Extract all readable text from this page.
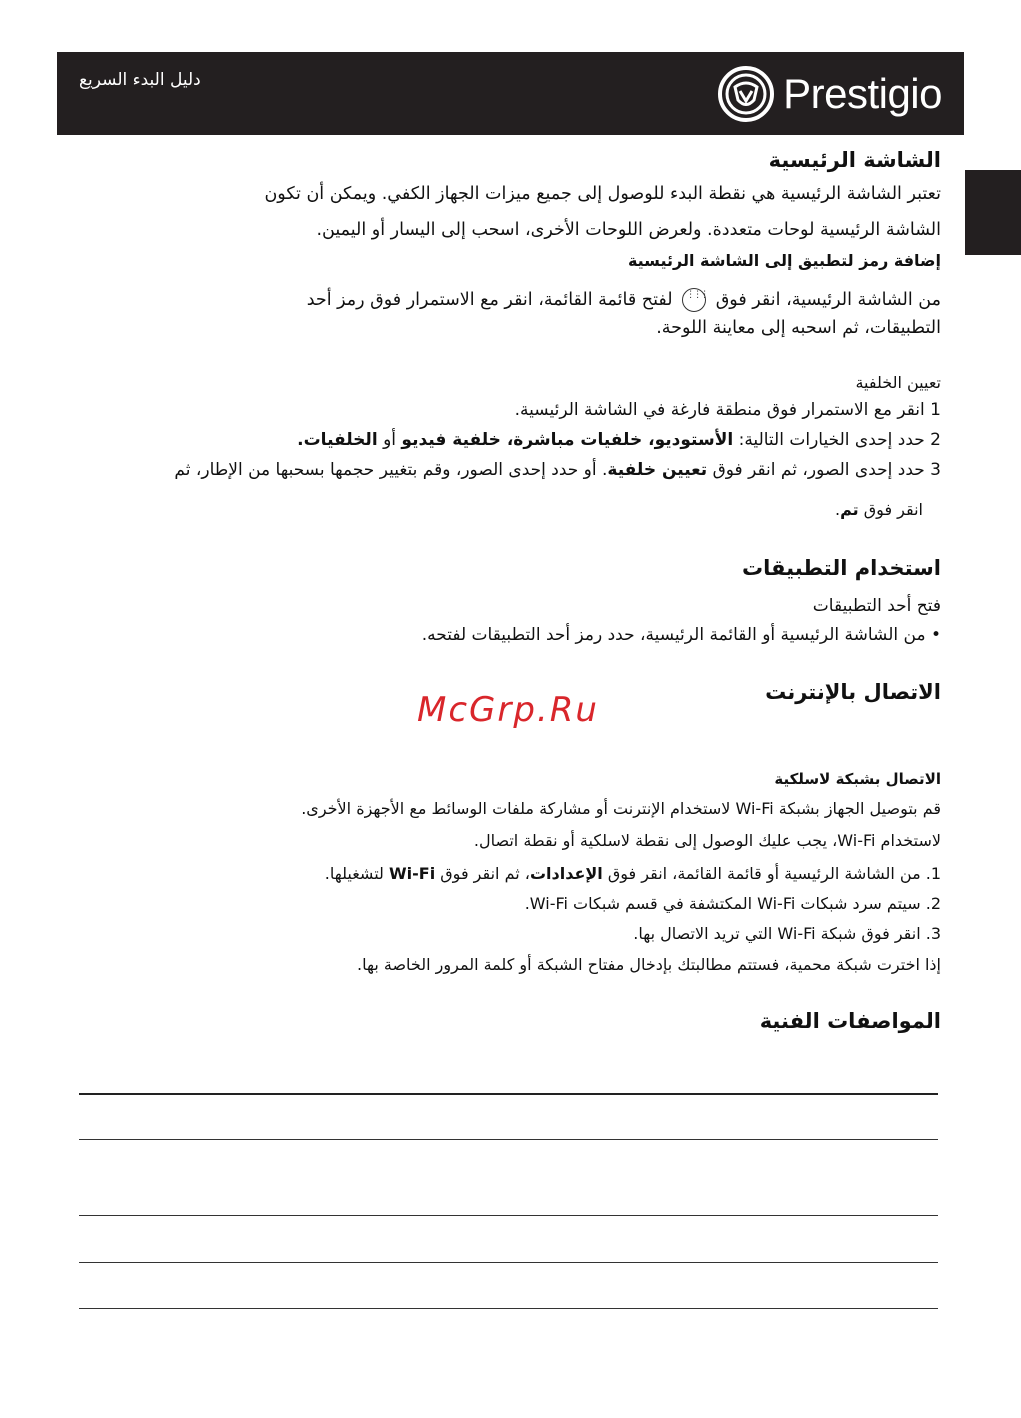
دليل البدء السريع	Prestigio
الشاشة الرئيسية
تعتبر الشاشة الرئيسية هي نقطة البدء للوصول إلى جميع ميزات الجهاز الكفي. ويمكن أن تكون
الشاشة الرئيسية لوحات متعددة. ولعرض اللوحات الأخرى، اسحب إلى اليسار أو اليمين.
إضافة رمز لتطبيق إلى الشاشة الرئيسية
من الشاشة الرئيسية، انقر فوق ⋮⋮⋮ لفتح قائمة القائمة، انقر مع الاستمرار فوق رمز أحد
التطبيقات، ثم اسحبه إلى معاينة اللوحة.
تعيين الخلفية
1 انقر مع الاستمرار فوق منطقة فارغة في الشاشة الرئيسية.
2 حدد إحدى الخيارات التالية: الأستوديو، خلفيات مباشرة، خلفية فيديو أو الخلفيات.
3 حدد إحدى الصور، ثم انقر فوق تعيين خلفية. أو حدد إحدى الصور، وقم بتغيير حجمها بسحبها من الإطار، ثم
انقر فوق تم.
استخدام التطبيقات
فتح أحد التطبيقات
• من الشاشة الرئيسية أو القائمة الرئيسية، حدد رمز أحد التطبيقات لفتحه.
الاتصال بالإنترنت
McGrp.Ru
الاتصال بشبكة لاسلكية
قم بتوصيل الجهاز بشبكة Wi-Fi لاستخدام الإنترنت أو مشاركة ملفات الوسائط مع الأجهزة الأخرى.
لاستخدام Wi-Fi، يجب عليك الوصول إلى نقطة لاسلكية أو نقطة اتصال.
1. من الشاشة الرئيسية أو قائمة القائمة، انقر فوق الإعدادات، ثم انقر فوق Wi-Fi لتشغيلها.
2. سيتم سرد شبكات Wi-Fi المكتشفة في قسم شبكات Wi-Fi.
3. انقر فوق شبكة Wi-Fi التي تريد الاتصال بها.
إذا اخترت شبكة محمية، فستتم مطالبتك بإدخال مفتاح الشبكة أو كلمة المرور الخاصة بها.
المواصفات الفنية
